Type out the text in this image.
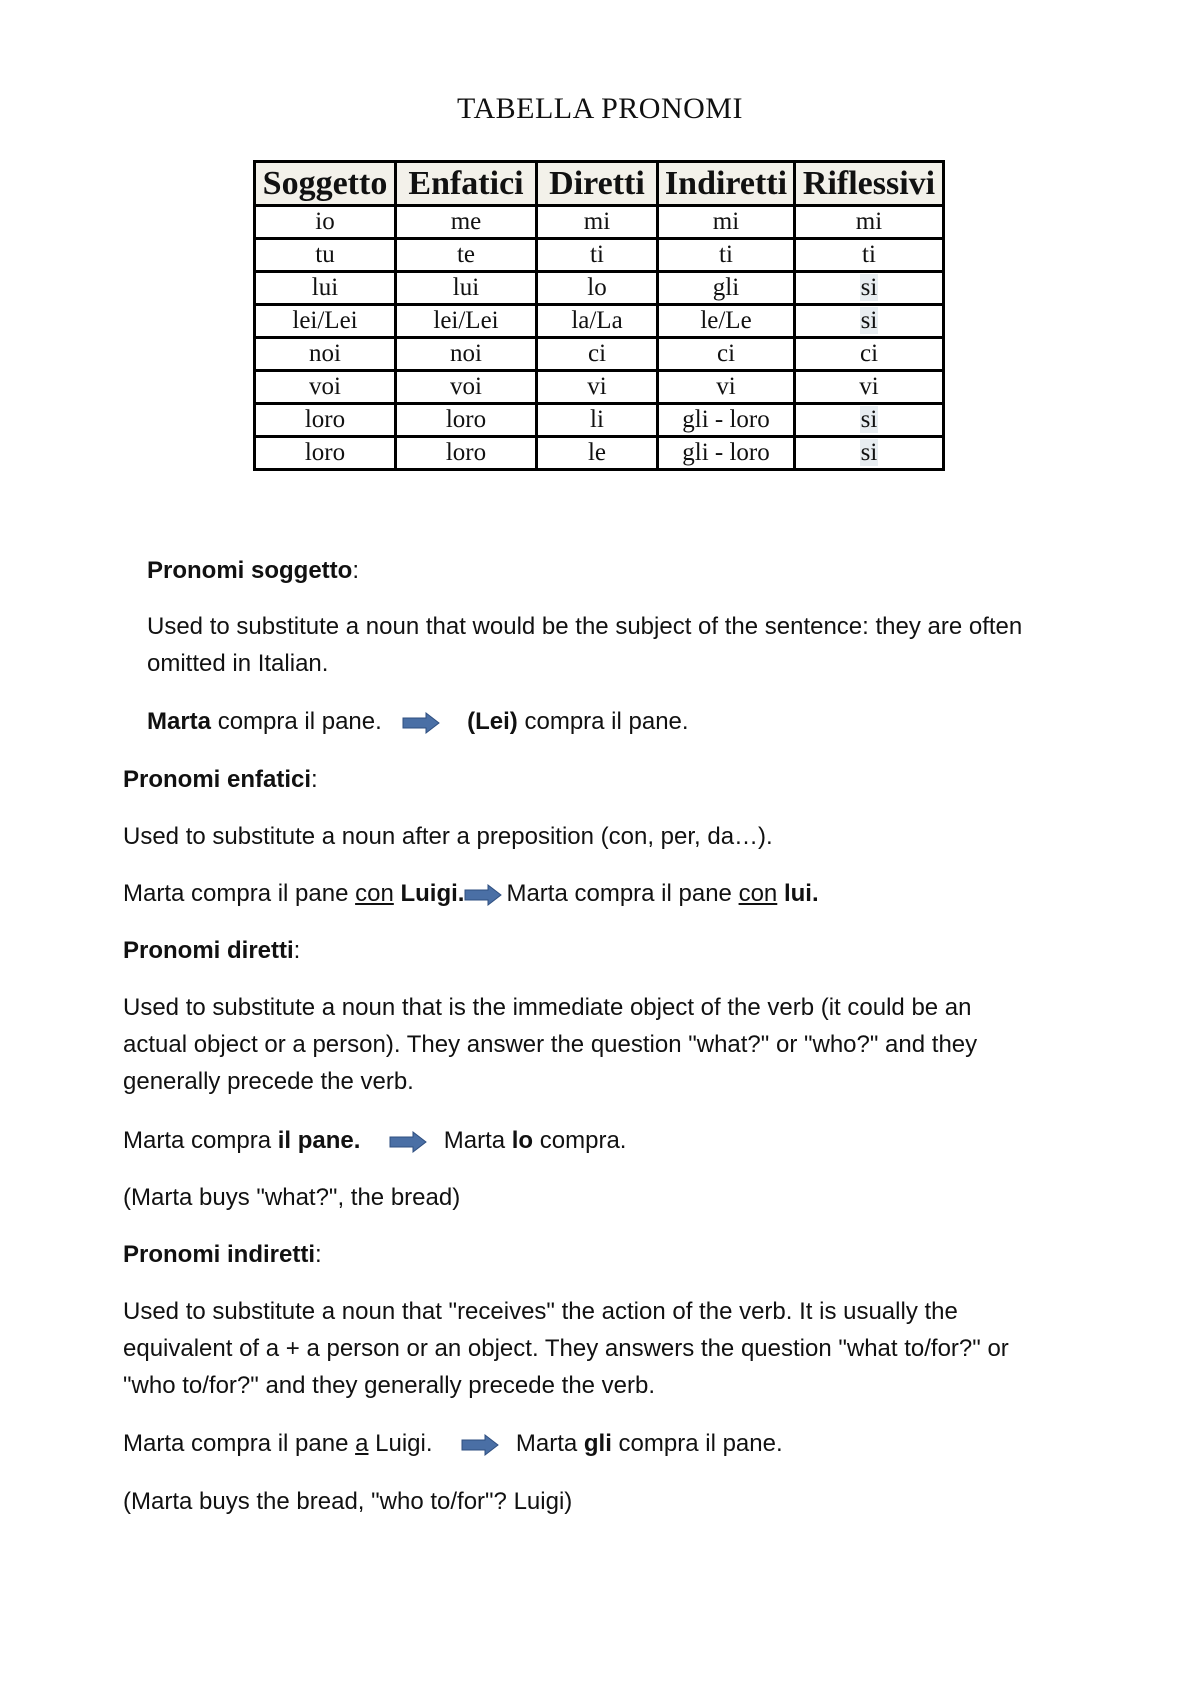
TABELLA PRONOMI
Soggetto	Enfatici	Diretti	Indiretti	Riflessivi
io	me	mi	mi	mi
tu	te	ti	ti	ti
lui	lui	lo	gli	si
lei/Lei	lei/Lei	la/La	le/Le	si
noi	noi	ci	ci	ci
voi	voi	vi	vi	vi
loro	loro	li	gli - loro	si
loro	loro	le	gli - loro	si
Pronomi soggetto:
Used to substitute a noun that would be the subject of the sentence: they are often omitted in Italian.
Marta compra il pane.	(Lei) compra il pane.
Pronomi enfatici:
Used to substitute a noun after a preposition (con, per, da…).
Marta compra il pane con Luigi. Marta compra il pane con lui.
Pronomi diretti:
Used to substitute a noun that is the immediate object of the verb (it could be an actual object or a person). They answer the question "what?" or "who?" and they generally precede the verb.
Marta compra il pane.	Marta lo compra.
(Marta buys "what?", the bread)
Pronomi indiretti:
Used to substitute a noun that "receives" the action of the verb. It is usually the equivalent of a + a person or an object. They answers the question "what to/for?" or "who to/for?" and they generally precede the verb.
Marta compra il pane a Luigi.	Marta gli compra il pane.
(Marta buys the bread, "who to/for"? Luigi)
